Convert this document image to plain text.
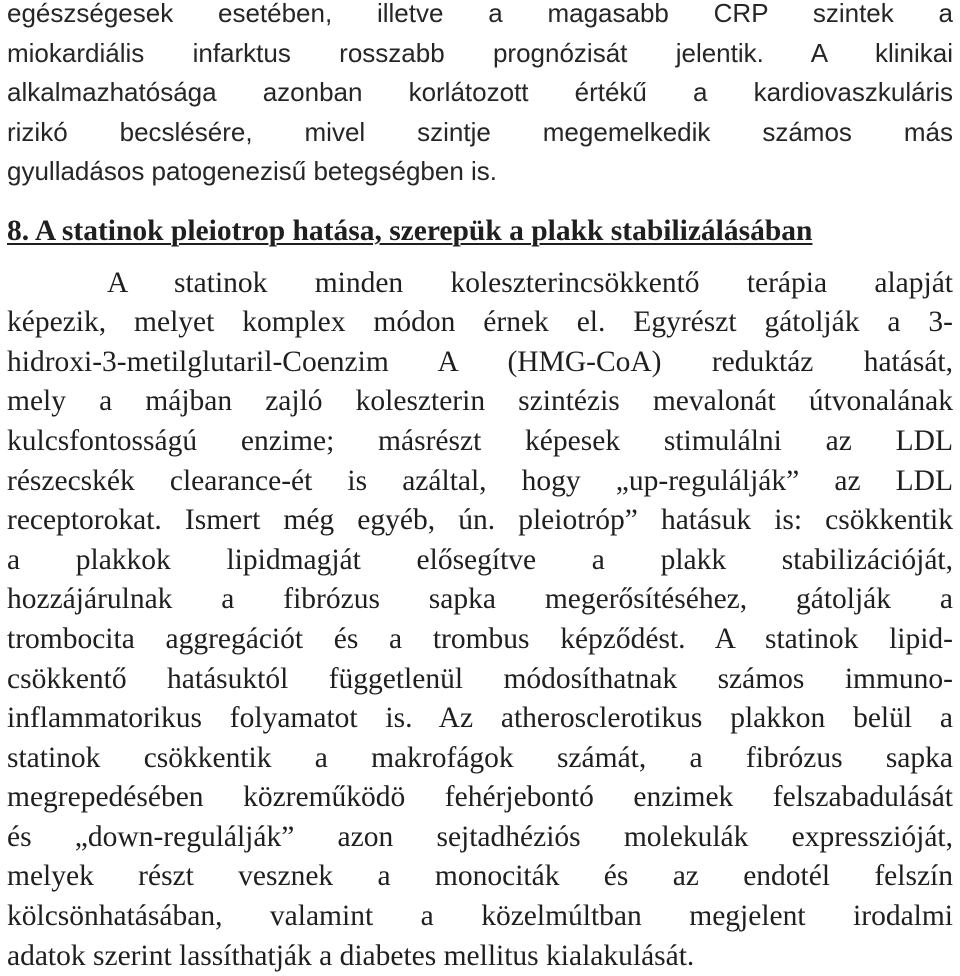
egészségesek esetében, illetve a magasabb CRP szintek a
miokardiális infarktus rosszabb prognózisát jelentik. A klinikai
alkalmazhatósága azonban korlátozott értékű a kardiovaszkuláris
rizikó becslésére, mivel szintje megemelkedik számos más
gyulladásos patogenezisű betegségben is.
8. A statinok pleiotrop hatása, szerepük a plakk stabilizálásában
A statinok minden koleszterincsökkentő terápia alapját
képezik, melyet komplex módon érnek el. Egyrészt gátolják a 3-
hidroxi-3-metilglutaril-Coenzim A (HMG-CoA) reduktáz hatását,
mely a májban zajló koleszterin szintézis mevalonát útvonalának
kulcsfontosságú enzime; másrészt képesek stimulálni az LDL
részecskék clearance-ét is azáltal, hogy „up-regulálják” az LDL
receptorokat. Ismert még egyéb, ún. pleiotróp” hatásuk is: csökkentik
a plakkok lipidmagját elősegítve a plakk stabilizációját,
hozzájárulnak a fibrózus sapka megerősítéséhez, gátolják a
trombocita aggregációt és a trombus képződést. A statinok lipid-
csökkentő hatásuktól függetlenül módosíthatnak számos immuno-
inflammatorikus folyamatot is. Az atherosclerotikus plakkon belül a
statinok csökkentik a makrofágok számát, a fibrózus sapka
megrepedésében közreműködö fehérjebontó enzimek felszabadulását
és „down-regulálják” azon sejtadhéziós molekulák expresszióját,
melyek részt vesznek a monociták és az endotél felszín
kölcsönhatásában, valamint a közelmúltban megjelent irodalmi
adatok szerint lassíthatják a diabetes mellitus kialakulását.
